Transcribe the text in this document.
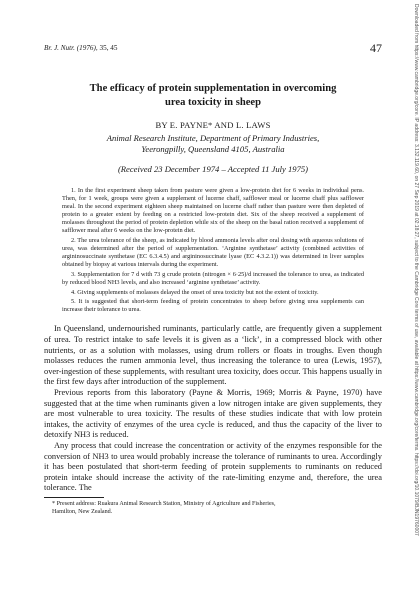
Br. J. Nutr. (1976), 35, 45	47
The efficacy of protein supplementation in overcoming
urea toxicity in sheep
BY E. PAYNE* AND L. LAWS
Animal Research Institute, Department of Primary Industries,
Yeerongpilly, Queensland 4105, Australia
(Received 23 December 1974 – Accepted 11 July 1975)

1. In the first experiment sheep taken from pasture were given a low-protein diet for 6 weeks in individual pens. Then, for 1 week, groups were given a supplement of lucerne chaff, safflower meal or lucerne chaff plus safflower meal. In the second experiment eighteen sheep maintained on lucerne chaff rather than pasture were then depleted of protein to a greater extent by feeding on a restricted low-protein diet. Six of the sheep received a supplement of molasses throughout the period of protein depletion while six of the sheep on the basal ration received a supplement of safflower meal after 6 weeks on the low-protein diet.

2. The urea tolerance of the sheep, as indicated by blood ammonia levels after oral dosing with aqueous solutions of urea, was determined after the period of supplementation. ‘Arginine synthetase’ activity (combined activities of argininosuccinate synthetase (EC 6.3.4.5) and argininosuccinate lyase (EC 4.3.2.1)) was determined in liver samples obtained by biopsy at various intervals during the experiment.

3. Supplementation for 7 d with 73 g crude protein (nitrogen × 6·25)/d increased the tolerance to urea, as indicated by reduced blood NH3 levels, and also increased ‘arginine synthetase’ activity.

4. Giving supplements of molasses delayed the onset of urea toxicity but not the extent of toxicity.

5. It is suggested that short-term feeding of protein concentrates to sheep before giving urea supplements can increase their tolerance to urea.

In Queensland, undernourished ruminants, particularly cattle, are frequently given a supplement of urea. To restrict intake to safe levels it is given as a ‘lick’, in a compressed block with other nutrients, or as a solution with molasses, using drum rollers or floats in troughs. Even though molasses reduces the rumen ammonia level, thus increasing the tolerance to urea (Lewis, 1957), over-ingestion of these supplements, with resultant urea toxicity, does occur. This happens usually in the first few days after introduction of the supplement.

Previous reports from this laboratory (Payne & Morris, 1969; Morris & Payne, 1970) have suggested that at the time when ruminants given a low nitrogen intake are given supplements, they are most vulnerable to urea toxicity. The results of these studies indicate that with low protein intakes, the activity of enzymes of the urea cycle is reduced, and thus the capacity of the liver to detoxify NH3 is reduced.

Any process that could increase the concentration or activity of the enzymes responsible for the conversion of NH3 to urea would probably increase the tolerance of ruminants to urea. Accordingly it has been postulated that short-term feeding of protein supplements to ruminants on reduced protein intake should increase the activity of the rate-limiting enzyme and, therefore, the urea tolerance. The

* Present address: Ruakura Animal Research Station, Ministry of Agriculture and Fisheries,
Hamilton, New Zealand.	Downloaded from https://www.cambridge.org/core. IP address: 3.132.119.60, on 27 Sep 2019 at 02:18:27, subject to the Cambridge Core terms of use, available at https://www.cambridge.org/core/terms. https://doi.org/10.1079/BJN19760007
